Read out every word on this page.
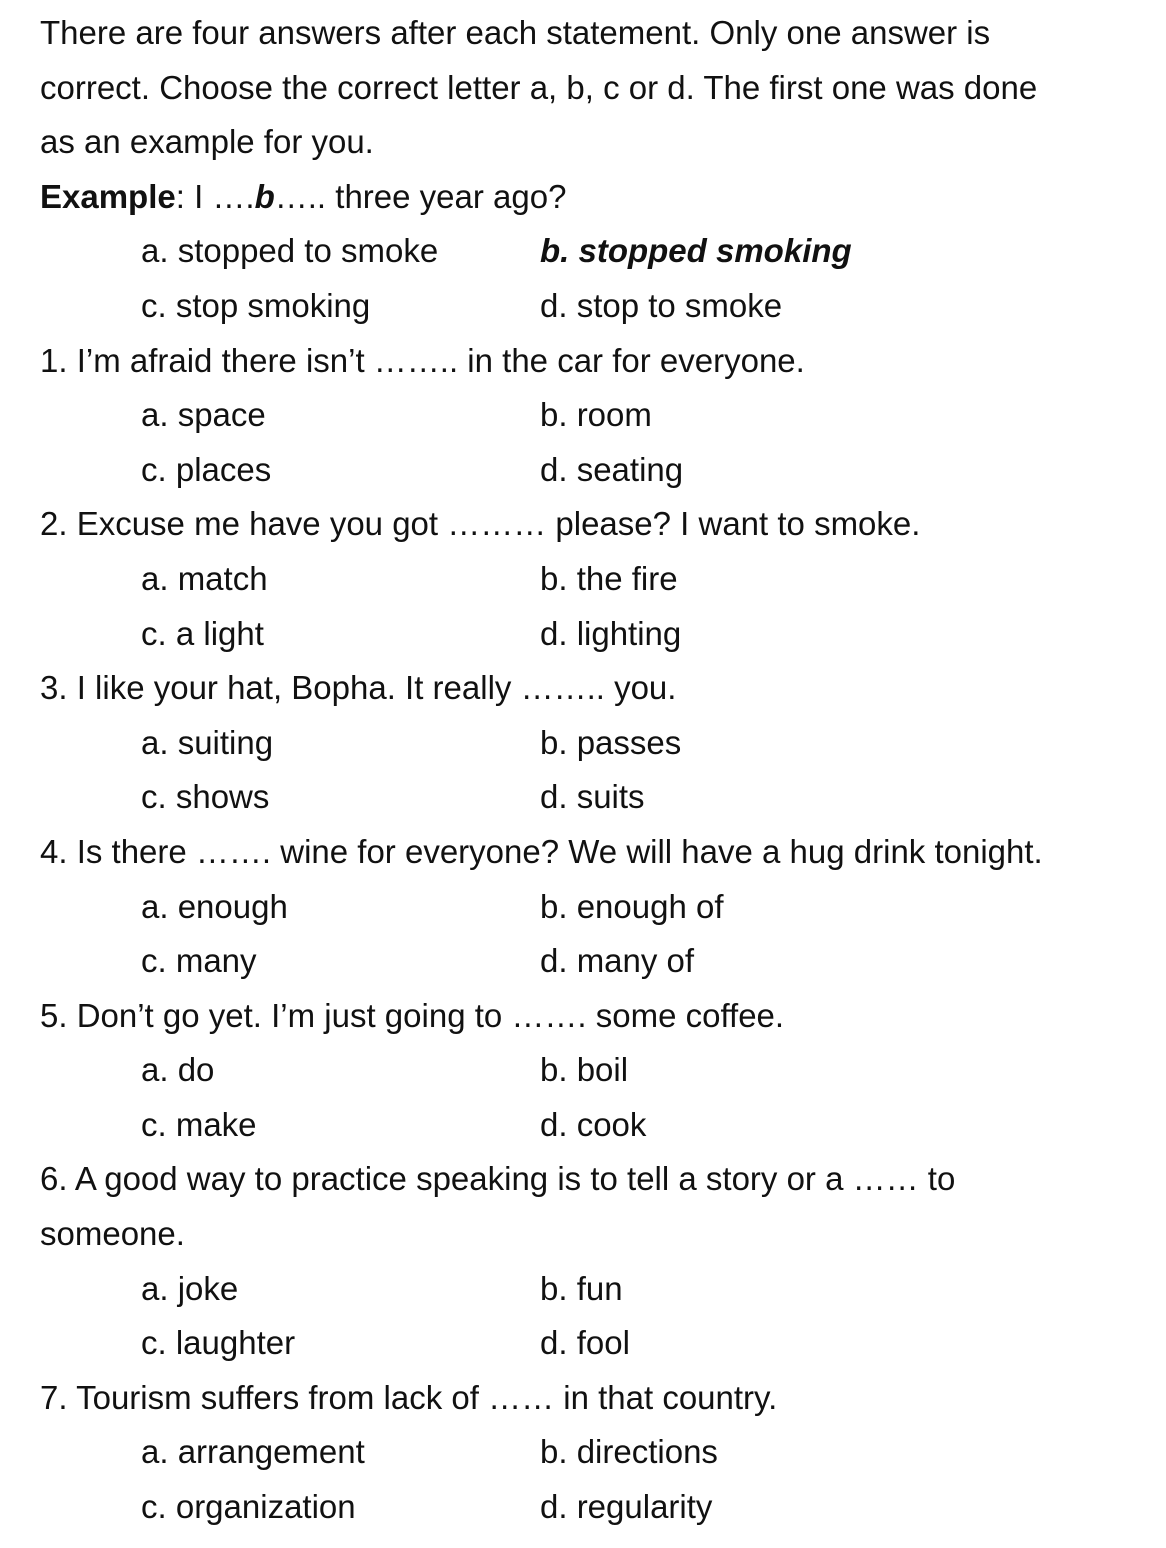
There are four answers after each statement. Only one answer is
correct. Choose the correct letter a, b, c or d. The first one was done
as an example for you.
Example: I ….b….. three year ago?
a. stopped to smoke	b. stopped smoking
c. stop smoking	d. stop to smoke
1. I’m afraid there isn’t …….. in the car for everyone.
a. space	b. room
c. places	d. seating
2. Excuse me have you got ……… please? I want to smoke.
a. match	b. the fire
c. a light	d. lighting
3. I like your hat, Bopha. It really …….. you.
a. suiting	b. passes
c. shows	d. suits
4. Is there ……. wine for everyone? We will have a hug drink tonight.
a. enough	b. enough of
c. many	d. many of
5. Don’t go yet. I’m just going to ……. some coffee.
a. do	b. boil
c. make	d. cook
6. A good way to practice speaking is to tell a story or a …… to
someone.
a. joke	b. fun
c. laughter	d. fool
7. Tourism suffers from lack of …… in that country.
a. arrangement	b. directions
c. organization	d. regularity
